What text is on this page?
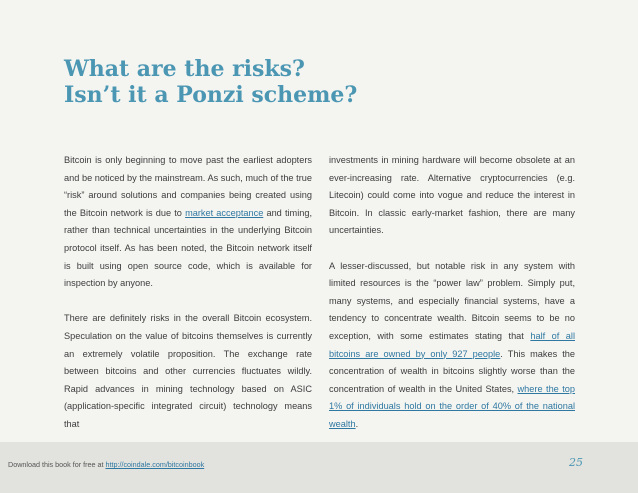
What are the risks?
Isn’t it a Ponzi scheme?

Bitcoin is only beginning to move past the earliest adopters and be noticed by the mainstream. As such, much of the true “risk” around solutions and companies being created using the Bitcoin network is due to market acceptance and timing, rather than technical uncertainties in the underlying Bitcoin protocol itself. As has been noted, the Bitcoin network itself is built using open source code, which is available for inspection by anyone.

There are definitely risks in the overall Bitcoin ecosystem. Speculation on the value of bitcoins themselves is currently an extremely volatile proposition. The exchange rate between bitcoins and other currencies fluctuates wildly. Rapid advances in mining technology based on ASIC (application-specific integrated circuit) technology means that

investments in mining hardware will become obsolete at an ever-increasing rate. Alternative cryptocurrencies (e.g. Litecoin) could come into vogue and reduce the interest in Bitcoin. In classic early-market fashion, there are many uncertainties.

A lesser-discussed, but notable risk in any system with limited resources is the “power law” problem. Simply put, many systems, and especially financial systems, have a tendency to concentrate wealth. Bitcoin seems to be no exception, with some estimates stating that half of all bitcoins are owned by only 927 people. This makes the concentration of wealth in bitcoins slightly worse than the concentration of wealth in the United States, where the top 1% of individuals hold on the order of 40% of the national wealth.

Download this book for free at http://coindale.com/bitcoinbook	25
